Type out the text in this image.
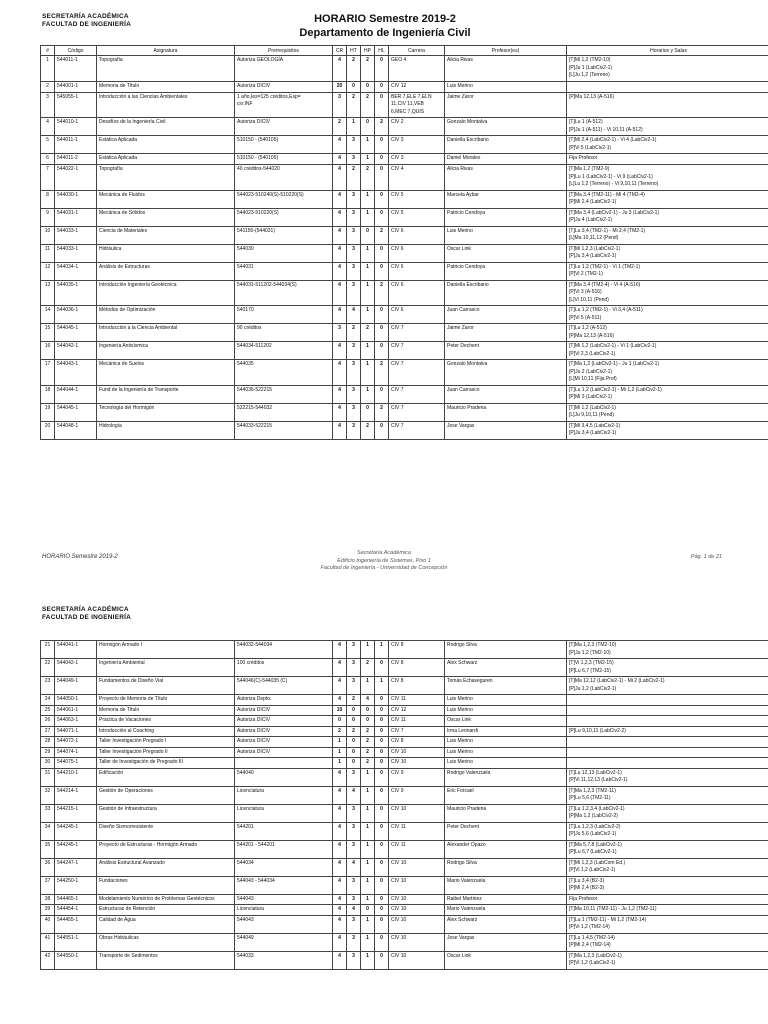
SECRETARÍA ACADÉMICA
FACULTAD DE INGENIERÍA	HORARIO Semestre 2019-2
Departamento de Ingeniería Civil
#	Código	Asignatura	Prerrequisitos	CR	HT	HP	HL	Carrera	Profesor(es)	Horarios y Salas
1	544011-1	Topografía	Autoriza GEOLOGÍA	4	2	2	0	GEO 4	Alicia Rivas	[T]Mi 1,2 (TM2-10)
[P]Ju 1 (LabCiv2-1)
[L]Ju 1,2 (Terreno)

2	544001-1	Memoria de Título	Autoriza DICIV	20	0	0	0	CIV 12	Luis Merino	

3	545055-1	Introducción a las Ciencias Ambientales	1 año,Ies=125 créditos,Esp=
civ;INF	3	2	2	0	BER 7,ELE 7,ELN
11,CIV 11,VEB
6,MEC 7,QUIS	Jaime Zaror	[P]Ma 12,13 (A-516)

4	544010-1	Desafíos de la Ingeniería Civil	Autoriza DICIV	2	1	0	2	CIV 2	Gonzalo Montalva	[T]Lu 1 (A-512)
[P]Ju 1 (A-511) - Vi 10,11 (A-512)

5	544011-1	Estática Aplicada	510150 - (540105)	4	3	1	0	CIV 3	Daniella Escribano	[T]Mi 2,4 (LabCiv2-1) - Vi 4 (LabCiv2-1)
[P]Vi 5 (LabCiv2-1)

6	544011-2	Estática Aplicada	510150 - (540105)	4	3	1	0	CIV 3	Daniel Morales	Fija Profesor

7	544022-1	Topografía	40 créditos-544020	4	2	2	0	CIV 4	Alicia Rivas	[T]Ma 1,2 (TM2-9)
[P]Lu 1 (LabCiv2-1) - Vi 9 (LabCiv2-1)
[L]Lu 1,2 (Terreno) - Vi 9,10,11 (Terreno)

8	544030-1	Mecánica de Fluidos	544023-510240(S)-510220(S)	4	3	1	0	CIV 5	Marcela Aybar	[T]Ma 3,4 (TM2-11) - Mi 4 (TM2-4)
[P]Mi 2,4 (LabCiv2-1)

9	544031-1	Mecánica de Sólidos	544023-510220(S)	4	3	1	0	CIV 5	Patricio Cendoya	[T]Ma 3,4 (LabCiv2-1) - Ju 3 (LabCiv2-1)
[P]Ju 4 (LabCiv2-1)

10	544033-1	Ciencia de Materiales	541150-(544031)	4	3	0	2	CIV 6	Luis Merino	[T]Lu 3,4 (TM2-1) - Mi 2,4 (TM2-1)
[L]Ma 10,11,12 (Pend)

11	544033-1	Hidráulica	544030	4	3	1	0	CIV 6	Oscar Link	[T]Mi 1,2,3 (LabCiv2-1)
[P]Ju 3,4 (LabCiv2-1)

12	544034-1	Análisis de Estructuras	544031	4	3	1	0	CIV 6	Patricio Cendoya	[T]Lu 1,2 (TM2-1) - Vi 1 (TM2-1)
[P]Vi 2 (TM2-1)

13	544035-1	Introducción Ingeniería Geotécnica	544031-511202-544034(S)	4	3	1	2	CIV 6	Daniella Escribano	[T]Ma 3,4 (TM2-4) - Vi 4 (A-516)
[P]Vi 3 (A-516)
[L]Vi 10,11 (Pend)

14	544036-1	Métodos de Optimización	540170	4	4	1	0	CIV 6	Juan Carrasco	[T]Lu 1,2 (TM2-1) - Vi 3,4 (A-511)
[P]Vi 5 (A-511)

15	544045-1	Introducción a la Ciencia Ambiental	90 créditos	3	2	2	0	CIV 7	Jaime Zaror	[T]Lu 1,2 (A-512)
[P]Ma 12,13 (A-516)

16	544042-1	Ingeniería Antisísmica	544034-511202	4	3	1	0	CIV 7	Peter Dechent	[T]Mi 1,2 (LabCiv2-1) - Vi 1 (LabCiv2-1)
[P]Vi 2,3 (LabCiv2-1)

17	544043-1	Mecánica de Suelos	544035	4	3	1	2	CIV 7	Gonzalo Montalva	[T]Ma 1,2 (LabCiv2-1) - Ju 1 (LabCiv2-1)
[P]Ju 2 (LabCiv2-1)
[L]Mi 10,11 (Fija Prof)

18	544044-1	Fund de la Ingeniería de Transporte	544036-522215	4	3	1	0	CIV 7	Juan Carrasco	[T]Lu 1,2 (LabCiv2-1) - Mi 1,2 (LabCiv2-1)
[P]Mi 3 (LabCiv2-1)

19	544045-1	Tecnología del Hormigón	522215-544032	4	3	0	2	CIV 7	Mauricio Pradena	[T]Mi 1,2 (LabCiv2-1)
[L]Ju 9,10,11 (Pend)

20	544048-1	Hidrología	544033-522215	4	3	2	0	CIV 7	Jose Vargas	[T]Mi 3,4,5 (LabCiv2-1)
[P]Ju 3,4 (LabCiv2-1)
HORARIO Semestre 2019-2
Secretaría Académica
Edificio Ingeniería de Sistemas, Piso 1
Facultad de Ingeniería - Universidad de Concepción
Pág. 1 de 21
SECRETARÍA ACADÉMICA
FACULTAD DE INGENIERÍA
21	544041-1	Hormigón Armado I	544032-544034	4	3	1	1	CIV 8	Rodrigo Silva	[T]Ma 1,2,3 (TM2-10)
[P]Ju 1,2 (TM2-10)

22	544042-1	Ingeniería Ambiental	100 créditos	4	3	2	0	CIV 8	Alex Schwarz	[T]Vi 1,2,3 (TM2-15)
[P]Lu 6,7 (TM2-15)

23	544049-1	Fundamentos de Diseño Vial	544046(C)-544035 (C)	4	3	1	1	CIV 8	Tomás Echaveguren	[T]Ma 12,12 (LabCiv2-1) - Mi 2 (LabCiv2-1)
[P]Ju 1,2 (LabCiv2-1)

24	544050-1	Proyecto de Memoria de Título	Autoriza Depto.	4	2	4	0	CIV 11	Luis Merino	

25	544061-1	Memoria de Título	Autoriza DICIV	10	0	0	0	CIV 12	Luis Merino	

26	544063-1	Práctica de Vacaciones	Autoriza DICIV	0	0	0	0	CIV 11	Oscar Link	

27	544071-1	Introducción al Coaching	Autoriza DICIV	2	2	2	0	CIV 7	Irma Leonardi	[P]Lu 9,10,11 (LabCiv2-2)

28	544072-1	Taller Investigación Pregrado I	Autoriza DICIV	1	0	2	0	CIV 8	Luis Merino	

29	544074-1	Taller Investigación Pregrado II	Autoriza DICIV	1	0	2	0	CIV 10	Luis Merino	

30	544075-1	Taller de Investigación de Pregrado III		1	0	2	0	CIV 10	Luis Merino	

31	544210-1	Edificación	544040	4	3	1	0	CIV 9	Rodrigo Valenzuela	[T]Lu 12,13 (LabCiv2-1)
[P]Vi 11,12,13 (LabCiv2-1)

32	544214-1	Gestión de Operaciones	Licenciatura	4	4	1	0	CIV 9	Eric Forcael	[T]Ma 1,2,3 (TM2-11)
[P]Lu 5,6 (TM2-11)

33	544215-1	Gestión de Infraestructura	Licenciatura	4	3	1	0	CIV 10	Mauricio Pradena	[T]Lu 1,2,3,4 (LabCiv2-1)
[P]Ma 1,2 (LabCiv2-2)

34	544245-1	Diseño Sismorresistente	544201	4	3	1	0	CIV 11	Peter Dechent	[T]Lu 1,2,3 (LabCiv2-2)
[P]Ju 5,6 (LabCiv2-1)

35	544245-1	Proyecto de Estructuras - Hormigón Armado	544201 - 544201	4	3	1	0	CIV 11	Alexander Opazo	[T]Ma 5,7,8 (LabCiv2-1)
[P]Lu 6,7 (LabCiv2-1)

36	544247-1	Análisis Estructural Avanzado	544034	4	4	1	0	CIV 10	Rodrigo Silva	[T]Mi 1,2,3 (LabCom Ed.)
[P]Vi 1,2 (LabCiv2-1)

37	544250-1	Fundaciones	544043 - 544034	4	3	1	0	CIV 10	Mario Valenzuela	[T]Lu 3,4 (B2-3)
[P]Mi 2,4 (B2-3)

38	544465-1	Modelamiento Numérico de Problemas Geotécnicos	544043	4	3	1	0	CIV 10	Raibel Martinez	Fija Profesor

39	544454-1	Estructuras de Retención	Licenciatura	4	4	0	0	CIV 10	Mario Valenzuela	[T]Ma 10,11 (TM2-11) - Ju 1,2 (TM2-11)

40	544455-1	Calidad de Agua	544043	4	3	1	0	CIV 10	Alex Schwarz	[T]Lu 1 (TM2-11) - Mi 1,2 (TM2-14)
[P]Vi 1,2 (TM2-14)

41	544551-1	Obras Hidráulicas	544049	4	3	1	0	CIV 10	Jose Vargas	[T]Lu 1,4,5 (TM2-14)
[P]Mi 2,4 (TM2-14)

42	544550-1	Transporte de Sedimentos	544033	4	3	1	0	CIV 10	Oscar Link	[T]Ma 1,2,3 (LabCiv2-1)
[P]Vi 1,2 (LabCiv2-1)
